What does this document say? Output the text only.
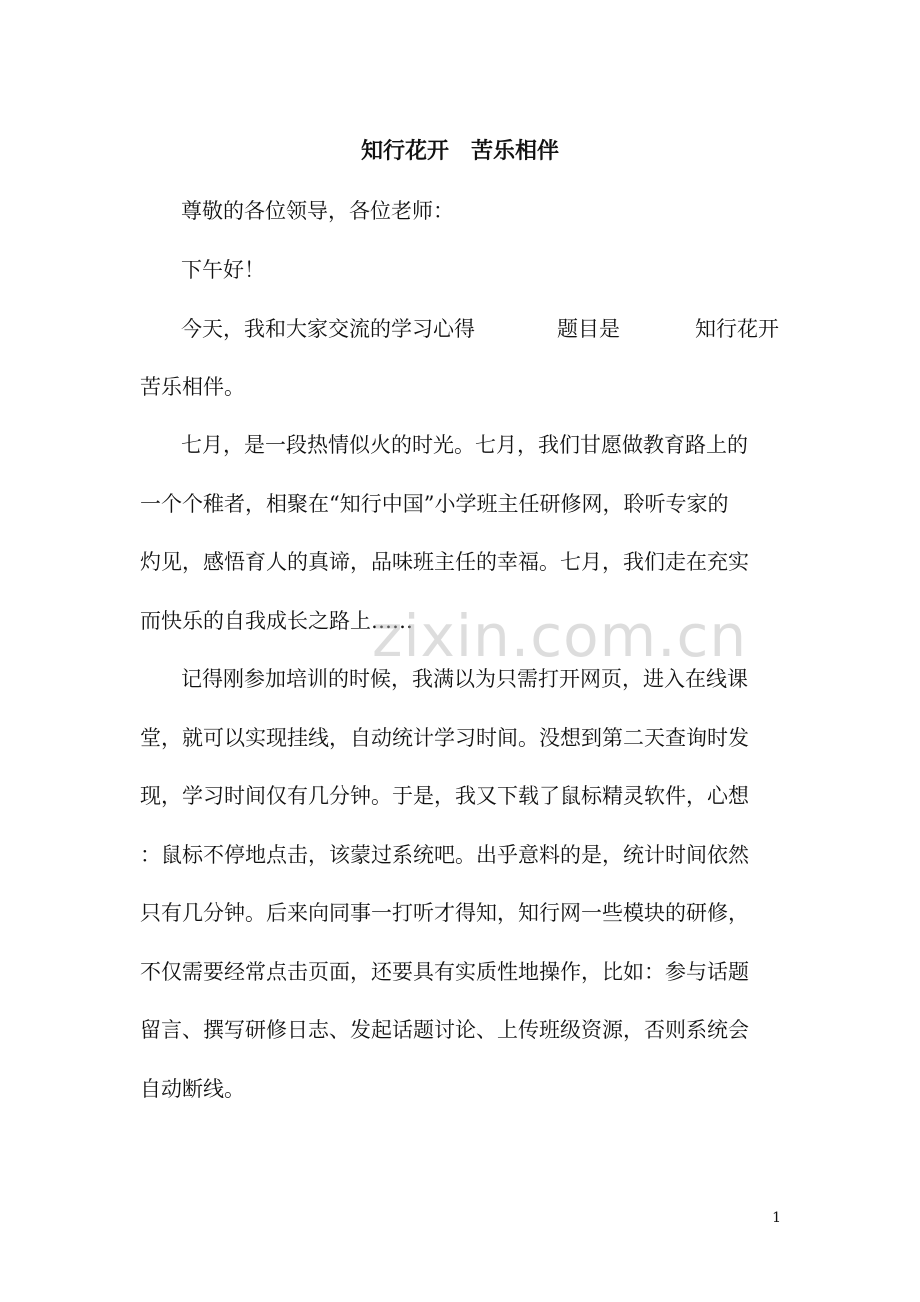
知行花开　苦乐相伴
尊敬的各位领导，各位老师：
下午好！
今天，我和大家交流的学习心得	题目是	知行花开
苦乐相伴。
七月，是一段热情似火的时光。七月，我们甘愿做教育路上的
一个个稚者，相聚在“知行中国”小学班主任研修网，聆听专家的
灼见，感悟育人的真谛，品味班主任的幸福。七月，我们走在充实
而快乐的自我成长之路上……
记得刚参加培训的时候，我满以为只需打开网页，进入在线课
堂，就可以实现挂线，自动统计学习时间。没想到第二天查询时发
现，学习时间仅有几分钟。于是，我又下载了鼠标精灵软件，心想
：鼠标不停地点击，该蒙过系统吧。出乎意料的是，统计时间依然
只有几分钟。后来向同事一打听才得知，知行网一些模块的研修，
不仅需要经常点击页面，还要具有实质性地操作，比如：参与话题
留言、撰写研修日志、发起话题讨论、上传班级资源，否则系统会
自动断线。
zixin.com.cn
1
